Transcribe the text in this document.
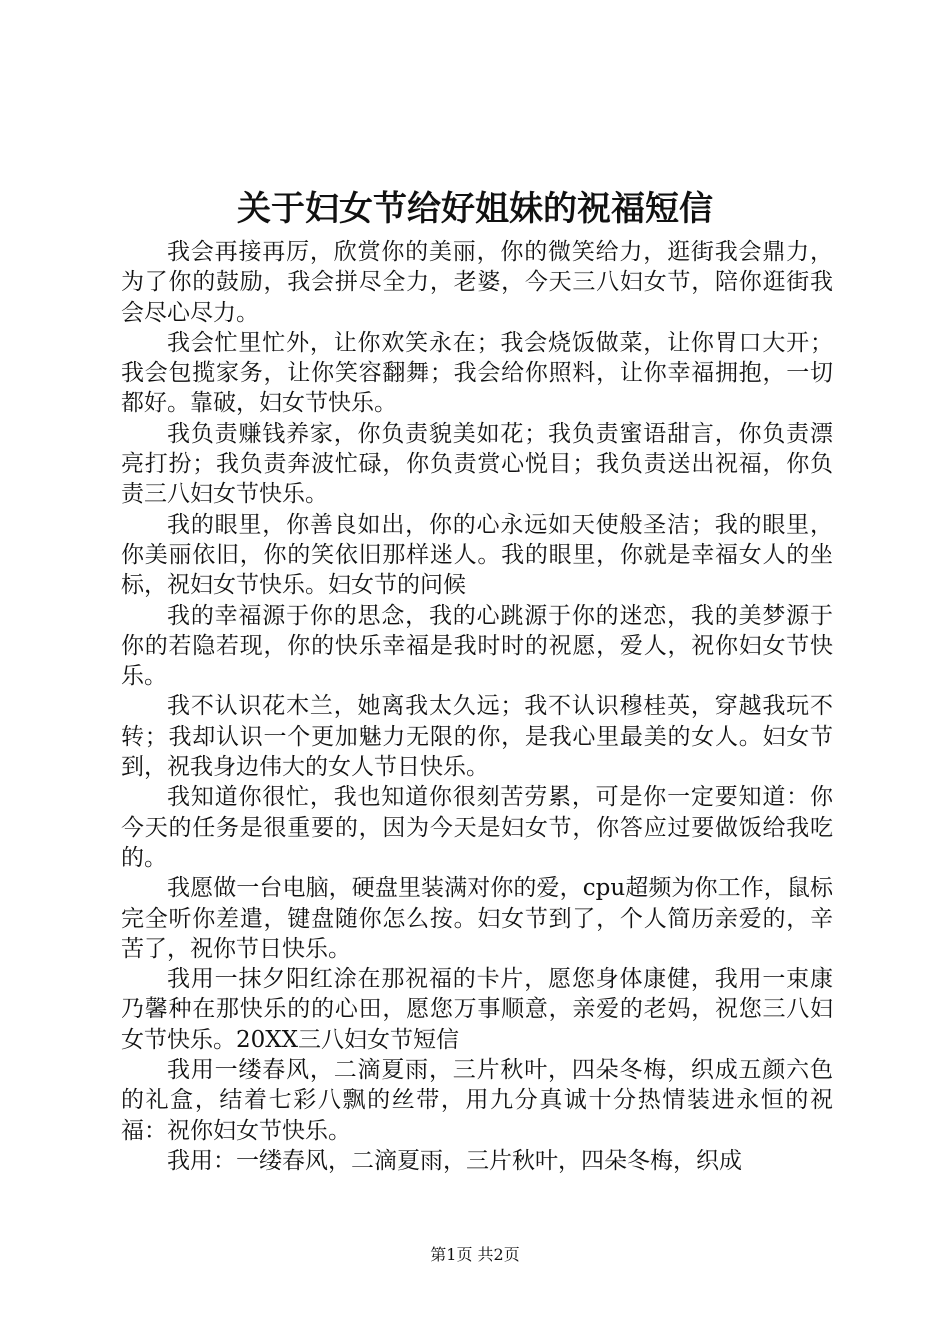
关于妇女节给好姐妹的祝福短信

我会再接再厉，欣赏你的美丽，你的微笑给力，逛街我会鼎力，为了你的鼓励，我会拼尽全力，老婆，今天三八妇女节，陪你逛街我会尽心尽力。

我会忙里忙外，让你欢笑永在；我会烧饭做菜，让你胃口大开；我会包揽家务，让你笑容翻舞；我会给你照料，让你幸福拥抱，一切都好。靠破，妇女节快乐。

我负责赚钱养家，你负责貌美如花；我负责蜜语甜言，你负责漂亮打扮；我负责奔波忙碌，你负责赏心悦目；我负责送出祝福，你负责三八妇女节快乐。

我的眼里，你善良如出，你的心永远如天使般圣洁；我的眼里，你美丽依旧，你的笑依旧那样迷人。我的眼里，你就是幸福女人的坐标，祝妇女节快乐。妇女节的问候

我的幸福源于你的思念，我的心跳源于你的迷恋，我的美梦源于你的若隐若现，你的快乐幸福是我时时的祝愿，爱人，祝你妇女节快乐。

我不认识花木兰，她离我太久远；我不认识穆桂英，穿越我玩不转；我却认识一个更加魅力无限的你，是我心里最美的女人。妇女节到，祝我身边伟大的女人节日快乐。

我知道你很忙，我也知道你很刻苦劳累，可是你一定要知道：你今天的任务是很重要的，因为今天是妇女节，你答应过要做饭给我吃的。

我愿做一台电脑，硬盘里装满对你的爱，cpu超频为你工作，鼠标完全听你差遣，键盘随你怎么按。妇女节到了，个人简历亲爱的，辛苦了，祝你节日快乐。

我用一抹夕阳红涂在那祝福的卡片，愿您身体康健，我用一束康乃馨种在那快乐的的心田，愿您万事顺意，亲爱的老妈，祝您三八妇女节快乐。20XX三八妇女节短信

我用一缕春风，二滴夏雨，三片秋叶，四朵冬梅，织成五颜六色的礼盒，结着七彩八飘的丝带，用九分真诚十分热情装进永恒的祝福：祝你妇女节快乐。

我用：一缕春风，二滴夏雨，三片秋叶，四朵冬梅，织成

第1页 共2页
